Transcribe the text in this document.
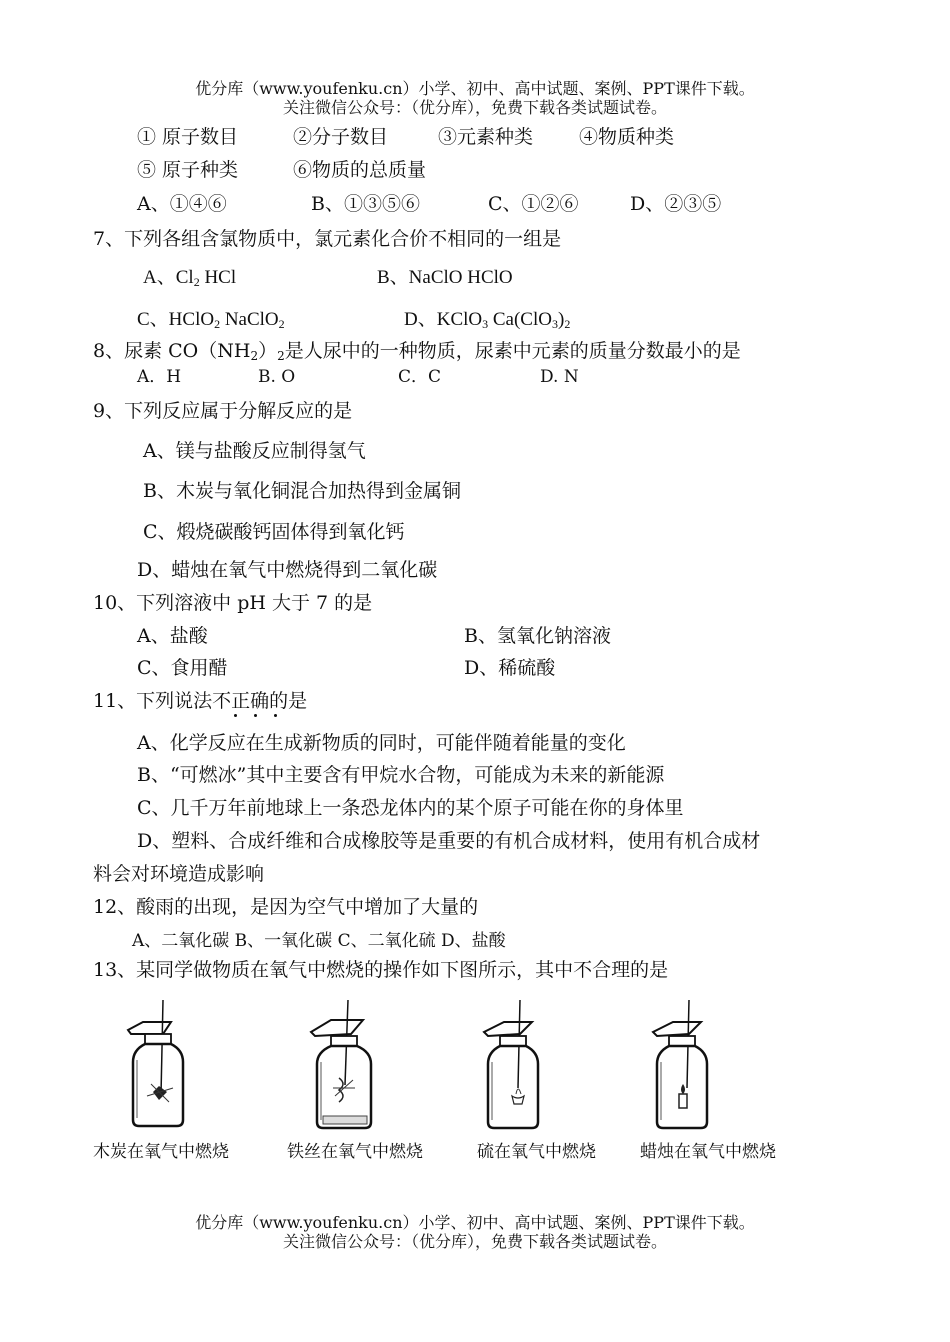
优分库（www.youfenku.cn）小学、初中、高中试题、案例、PPT课件下载。
关注微信公众号：（优分库），免费下载各类试题试卷。
① 原子数目	②分子数目	③元素种类 ④物质种类
⑤ 原子种类	⑥物质的总质量
A、①④⑥	B、①③⑤⑥	C、①②⑥	D、②③⑤
7、下列各组含氯物质中，氯元素化合价不相同的一组是
A、$Cl_2$ HCl	B、NaClO HClO
C、HClO$_2$ NaClO$_2$	D、KClO$_3$ $Ca(ClO_3)_2$
8、尿素 $CO(NH_2)_2$是人尿中的一种物质，尿素中元素的质量分数最小的是
A．H	B. O	C．C	D. N
9、下列反应属于分解反应的是
A、镁与盐酸反应制得氢气
B、木炭与氧化铜混合加热得到金属铜
C、煅烧碳酸钙固体得到氧化钙
D、蜡烛在氧气中燃烧得到二氧化碳
10、下列溶液中 pH 大于 7 的是
A、盐酸	B、氢氧化钠溶液
C、食用醋	D、稀硫酸
11、下列说法不正确的是
A、化学反应在生成新物质的同时，可能伴随着能量的变化
B、“可燃冰”其中主要含有甲烷水合物，可能成为未来的新能源
C、几千万年前地球上一条恐龙体内的某个原子可能在你的身体里
D、塑料、合成纤维和合成橡胶等是重要的有机合成材料，使用有机合成材
料会对环境造成影响
12、酸雨的出现，是因为空气中增加了大量的
A、二氧化碳 B、一氧化碳 C、二氧化硫 D、盐酸
13、某同学做物质在氧气中燃烧的操作如下图所示，其中不合理的是
木炭在氧气中燃烧	铁丝在氧气中燃烧	硫在氧气中燃烧	蜡烛在氧气中燃烧
优分库（www.youfenku.cn）小学、初中、高中试题、案例、PPT课件下载。
关注微信公众号：（优分库），免费下载各类试题试卷。
